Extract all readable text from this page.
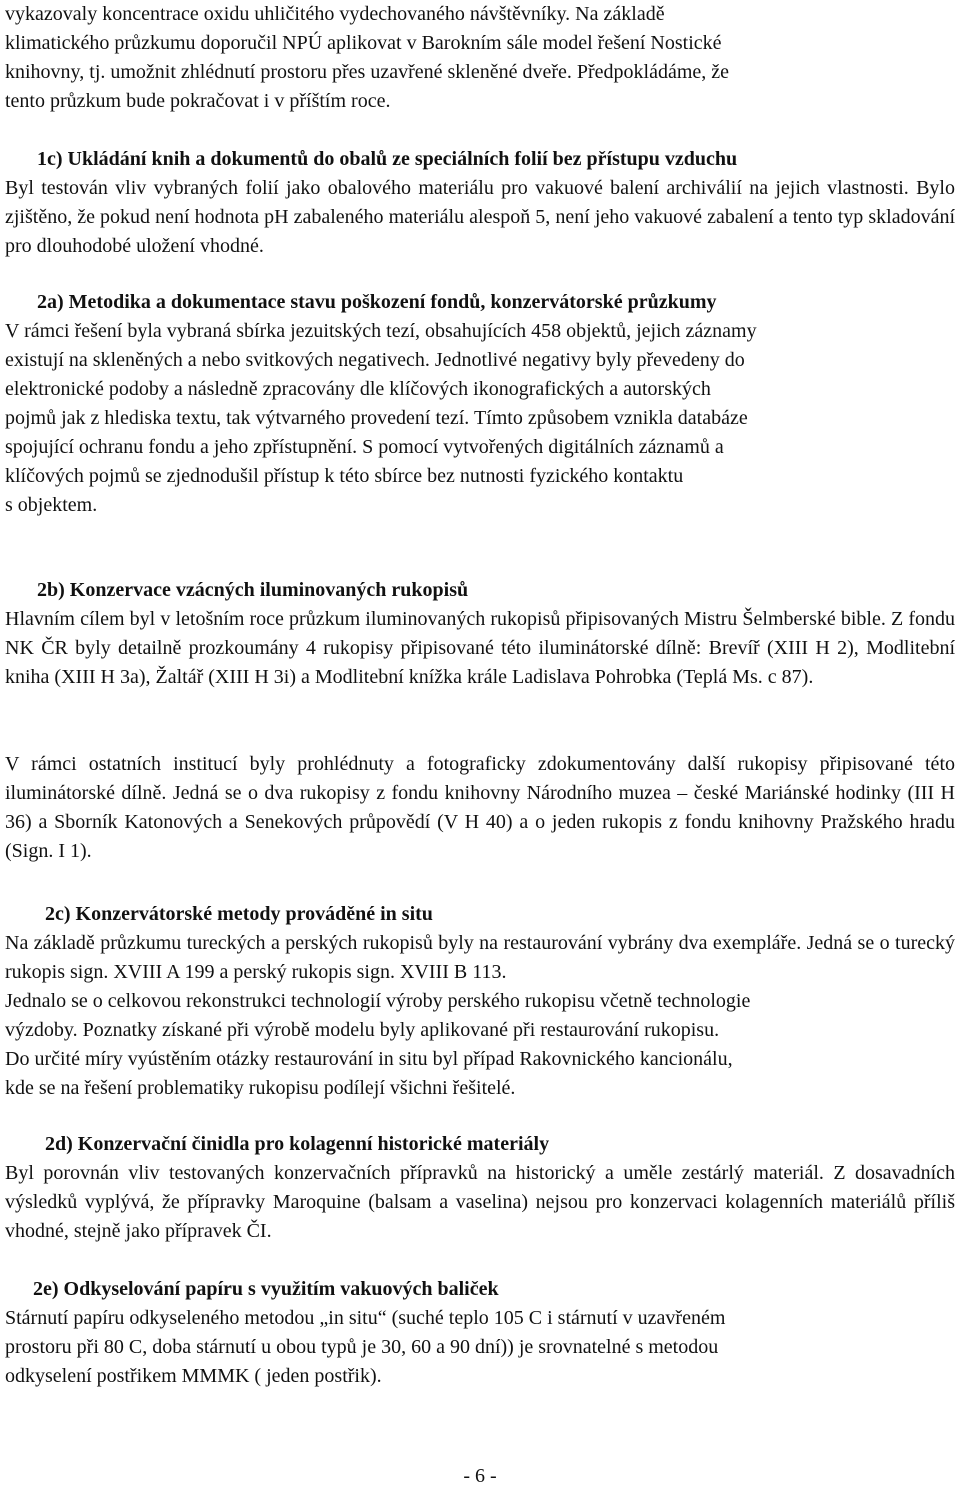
vykazovaly koncentrace oxidu uhličitého vydechovaného návštěvníky. Na základě

klimatického průzkumu doporučil NPÚ aplikovat v Barokním sále model řešení Nostické

knihovny, tj. umožnit zhlédnutí prostoru přes uzavřené skleněné dveře. Předpokládáme, že

tento průzkum bude pokračovat i v příštím roce.

1c) Ukládání knih a dokumentů do obalů ze speciálních folií bez přístupu vzduchu

Byl testován vliv vybraných folií jako obalového materiálu pro vakuové balení archiválií na jejich vlastnosti. Bylo zjištěno, že pokud není hodnota pH zabaleného materiálu alespoň 5, není jeho vakuové zabalení a tento typ skladování pro dlouhodobé uložení vhodné.

2a) Metodika a dokumentace stavu poškození fondů, konzervátorské průzkumy

V rámci řešení byla vybraná sbírka jezuitských tezí, obsahujících 458 objektů, jejich záznamy

existují na skleněných a nebo svitkových negativech. Jednotlivé negativy byly převedeny do

elektronické podoby a následně zpracovány dle klíčových ikonografických a autorských

pojmů jak z hlediska textu, tak výtvarného provedení tezí. Tímto způsobem vznikla databáze

spojující ochranu fondu a jeho zpřístupnění. S pomocí vytvořených digitálních záznamů a

klíčových pojmů se zjednodušil přístup k této sbírce bez nutnosti fyzického kontaktu

s objektem.

2b) Konzervace vzácných iluminovaných rukopisů

Hlavním cílem byl v letošním roce průzkum iluminovaných rukopisů připisovaných Mistru Šelmberské bible. Z fondu NK ČR byly detailně prozkoumány 4 rukopisy připisované této iluminátorské dílně: Brevíř (XIII H 2), Modlitební kniha (XIII H 3a), Žaltář (XIII H 3i) a Modlitební knížka krále Ladislava Pohrobka (Teplá Ms. c 87).

V rámci ostatních institucí byly prohlédnuty a fotograficky zdokumentovány další rukopisy připisované této iluminátorské dílně. Jedná se o dva rukopisy z fondu knihovny Národního muzea – české Mariánské hodinky (III H 36) a Sborník Katonových a Senekových průpovědí (V H 40) a o jeden rukopis z fondu knihovny Pražského hradu (Sign. I 1).

2c) Konzervátorské metody prováděné in situ

Na základě průzkumu tureckých a perských rukopisů byly na restaurování vybrány dva exempláře. Jedná se o turecký rukopis sign. XVIII A 199 a perský rukopis sign. XVIII B 113.

Jednalo se o celkovou rekonstrukci technologií výroby perského rukopisu včetně technologie

výzdoby. Poznatky získané při výrobě modelu byly aplikované při restaurování rukopisu.

Do určité míry vyústěním otázky restaurování in situ byl případ Rakovnického kancionálu,

kde se na řešení problematiky rukopisu podílejí všichni řešitelé.

2d) Konzervační činidla pro kolagenní historické materiály

Byl porovnán vliv testovaných konzervačních přípravků na historický a uměle zestárlý materiál. Z dosavadních výsledků vyplývá, že přípravky Maroquine (balsam a vaselina) nejsou pro konzervaci kolagenních materiálů příliš vhodné, stejně jako přípravek ČI.

2e) Odkyselování papíru s využitím vakuových baliček

Stárnutí papíru odkyseleného metodou „in situ“ (suché teplo 105 C i stárnutí v uzavřeném

prostoru při 80 C, doba stárnutí u obou typů je 30, 60 a 90 dní)) je srovnatelné s metodou

odkyselení postřikem MMMK ( jeden postřik).

- 6 -
